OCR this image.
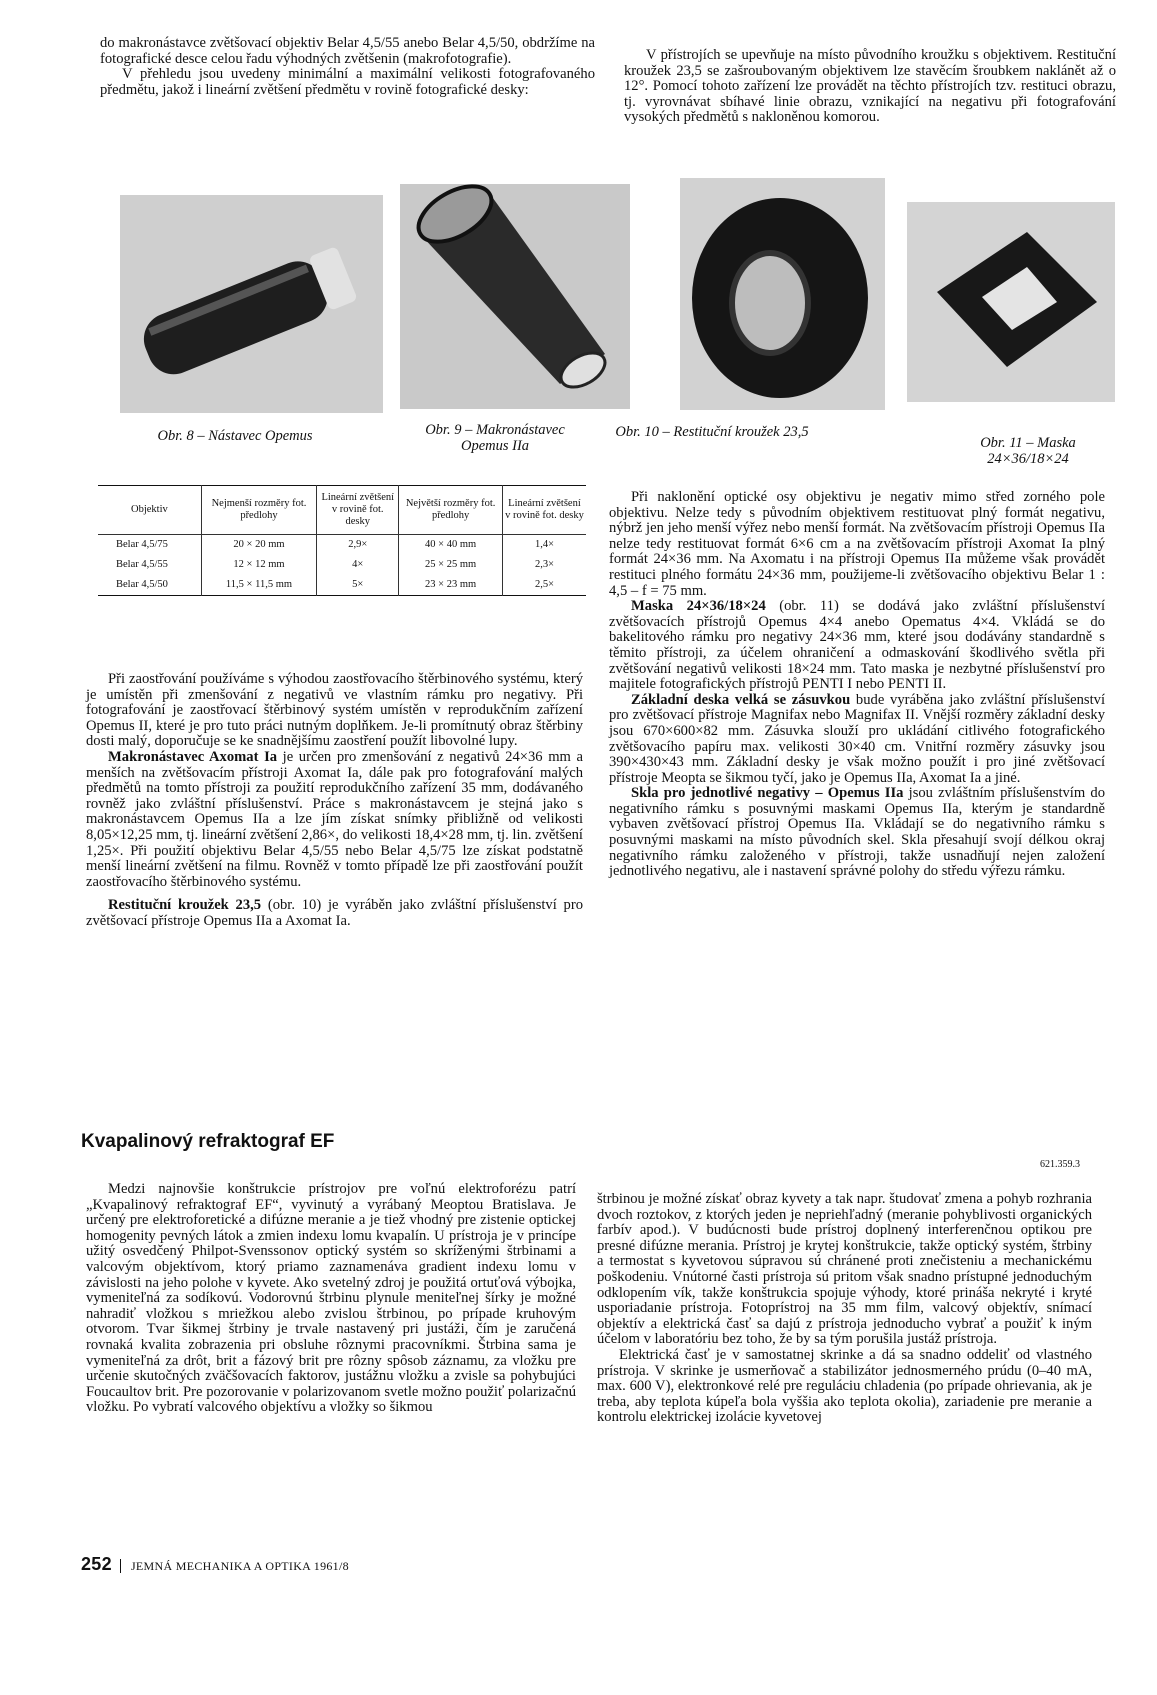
do makronástavce zvětšovací objektiv Belar 4,5/55 anebo Belar 4,5/50, obdržíme na fotografické desce celou řadu výhodných zvětšenin (makrofotografie).

V přehledu jsou uvedeny minimální a maximální velikosti fotografovaného předmětu, jakož i lineární zvětšení předmětu v rovině fotografické desky:

V přístrojích se upevňuje na místo původního kroužku s objektivem. Restituční kroužek 23,5 se zašroubovaným objektivem lze stavěcím šroubkem naklánět až o 12°. Pomocí tohoto zařízení lze provádět na těchto přístrojích tzv. restituci obrazu, tj. vyrovnávat sbíhavé linie obrazu, vznikající na negativu při fotografování vysokých předmětů s nakloněnou komorou.

Obr. 8 – Nástavec Opemus	Obr. 9 – Makronástavec Opemus IIa
Obr. 10 – Restituční kroužek 23,5
Obr. 11 – Maska 24×36/18×24
Objektiv	Nejmenší rozměry fot. předlohy	Lineární zvětšení v rovině fot. desky	Největší rozměry fot. předlohy	Lineární zvětšení v rovině fot. desky
Belar 4,5/75	20 × 20 mm	2,9×	40 × 40 mm	1,4×
Belar 4,5/55	12 × 12 mm	4×	25 × 25 mm	2,3×
Belar 4,5/50	11,5 × 11,5 mm	5×	23 × 23 mm	2,5×

Při zaostřování používáme s výhodou zaostřovacího štěrbinového systému, který je umístěn při zmenšování z negativů ve vlastním rámku pro negativy. Při fotografování je zaostřovací štěrbinový systém umístěn v reprodukčním zařízení Opemus II, které je pro tuto práci nutným doplňkem. Je-li promítnutý obraz štěrbiny dosti malý, doporučuje se ke snadnějšímu zaostření použít libovolné lupy.

Makronástavec Axomat Ia je určen pro zmenšování z negativů 24×36 mm a menších na zvětšovacím přístroji Axomat Ia, dále pak pro fotografování malých předmětů na tomto přístroji za použití reprodukčního zařízení 35 mm, dodávaného rovněž jako zvláštní příslušenství. Práce s makronástavcem je stejná jako s makronástavcem Opemus IIa a lze jím získat snímky přibližně od velikosti 8,05×12,25 mm, tj. lineární zvětšení 2,86×, do velikosti 18,4×28 mm, tj. lin. zvětšení 1,25×. Při použití objektivu Belar 4,5/55 nebo Belar 4,5/75 lze získat podstatně menší lineární zvětšení na filmu. Rovněž v tomto případě lze při zaostřování použít zaostřovacího štěrbinového systému.

Restituční kroužek 23,5 (obr. 10) je vyráběn jako zvláštní příslušenství pro zvětšovací přístroje Opemus IIa a Axomat Ia.

Při naklonění optické osy objektivu je negativ mimo střed zorného pole objektivu. Nelze tedy s původním objektivem restituovat plný formát negativu, nýbrž jen jeho menší výřez nebo menší formát. Na zvětšovacím přístroji Opemus IIa nelze tedy restituovat formát 6×6 cm a na zvětšovacím přístroji Axomat Ia plný formát 24×36 mm. Na Axomatu i na přístroji Opemus IIa můžeme však provádět restituci plného formátu 24×36 mm, použijeme-li zvětšovacího objektivu Belar 1 : 4,5 – f = 75 mm.

Maska 24×36/18×24 (obr. 11) se dodává jako zvláštní příslušenství zvětšovacích přístrojů Opemus 4×4 anebo Opematus 4×4. Vkládá se do bakelitového rámku pro negativy 24×36 mm, které jsou dodávány standardně s těmito přístroji, za účelem ohraničení a odmaskování škodlivého světla při zvětšování negativů velikosti 18×24 mm. Tato maska je nezbytné příslušenství pro majitele fotografických přístrojů PENTI I nebo PENTI II.

Základní deska velká se zásuvkou bude vyráběna jako zvláštní příslušenství pro zvětšovací přístroje Magnifax nebo Magnifax II. Vnější rozměry základní desky jsou 670×600×82 mm. Zásuvka slouží pro ukládání citlivého fotografického zvětšovacího papíru max. velikosti 30×40 cm. Vnitřní rozměry zásuvky jsou 390×430×43 mm. Základní desky je však možno použít i pro jiné zvětšovací přístroje Meopta se šikmou tyčí, jako je Opemus IIa, Axomat Ia a jiné.

Skla pro jednotlivé negativy – Opemus IIa jsou zvláštním příslušenstvím do negativního rámku s posuvnými maskami Opemus IIa, kterým je standardně vybaven zvětšovací přístroj Opemus IIa. Vkládají se do negativního rámku s posuvnými maskami na místo původních skel. Skla přesahují svojí délkou okraj negativního rámku založeného v přístroji, takže usnadňují nejen založení jednotlivého negativu, ale i nastavení správné polohy do středu výřezu rámku.

Kvapalinový refraktograf EF
621.359.3

Medzi najnovšie konštrukcie prístrojov pre voľnú elektroforézu patrí „Kvapalinový refraktograf EF“, vyvinutý a vyrábaný Meoptou Bratislava. Je určený pre elektroforetické a difúzne meranie a je tiež vhodný pre zistenie optickej homogenity pevných látok a zmien indexu lomu kvapalín. U prístroja je v princípe užitý osvedčený Philpot-Svenssonov optický systém so skríženými štrbinami a valcovým objektívom, ktorý priamo zaznamenáva gradient indexu lomu v závislosti na jeho polohe v kyvete. Ako svetelný zdroj je použitá ortuťová výbojka, vymeniteľná za sodíkovú. Vodorovnú štrbinu plynule meniteľnej šírky je možné nahradiť vložkou s mriežkou alebo zvislou štrbinou, po prípade kruhovým otvorom. Tvar šikmej štrbiny je trvale nastavený pri justáži, čím je zaručená rovnaká kvalita zobrazenia pri obsluhe rôznymi pracovníkmi. Štrbina sama je vymeniteľná za drôt, brit a fázový brit pre rôzny spôsob záznamu, za vložku pre určenie skutočných zväčšovacích faktorov, justážnu vložku a zvisle sa pohybujúci Foucaultov brit. Pre pozorovanie v polarizovanom svetle možno použiť polarizačnú vložku. Po vybratí valcového objektívu a vložky so šikmou

štrbinou je možné získať obraz kyvety a tak napr. študovať zmena a pohyb rozhrania dvoch roztokov, z ktorých jeden je nepriehľadný (meranie pohyblivosti organických farbív apod.). V budúcnosti bude prístroj doplnený interferenčnou optikou pre presné difúzne merania. Prístroj je krytej konštrukcie, takže optický systém, štrbiny a termostat s kyvetovou súpravou sú chránené proti znečisteniu a mechanickému poškodeniu. Vnútorné časti prístroja sú pritom však snadno prístupné jednoduchým odklopením vík, takže konštrukcia spojuje výhody, ktoré prináša nekryté i kryté usporiadanie prístroja. Fotoprístroj na 35 mm film, valcový objektív, snímací objektív a elektrická časť sa dajú z prístroja jednoducho vybrať a použiť k iným účelom v laboratóriu bez toho, že by sa tým porušila justáž prístroja.

Elektrická časť je v samostatnej skrinke a dá sa snadno oddeliť od vlastného prístroja. V skrinke je usmerňovač a stabilizátor jednosmerného prúdu (0–40 mA, max. 600 V), elektronkové relé pre reguláciu chladenia (po prípade ohrievania, ak je treba, aby teplota kúpeľa bola vyššia ako teplota okolia), zariadenie pre meranie a kontrolu elektrickej izolácie kyvetovej

252 JEMNÁ MECHANIKA A OPTIKA 1961/8
